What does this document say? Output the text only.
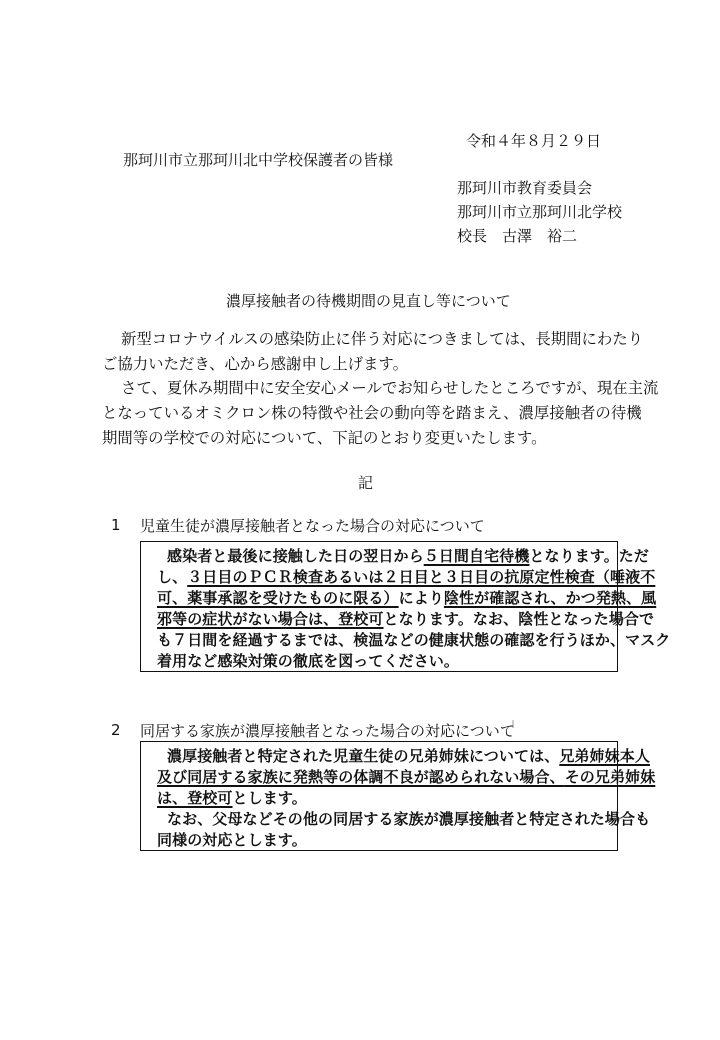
令和４年８月２９日
那珂川市立那珂川北中学校保護者の皆様
那珂川市教育委員会
那珂川市立那珂川北学校
校長　古澤　裕二
濃厚接触者の待機期間の見直し等について
新型コロナウイルスの感染防止に伴う対応につきましては、長期間にわたり
ご協力いただき、心から感謝申し上げます。
さて、夏休み期間中に安全安心メールでお知らせしたところですが、現在主流
となっているオミクロン株の特徴や社会の動向等を踏まえ、濃厚接触者の待機
期間等の学校での対応について、下記のとおり変更いたします。
記
1 児童生徒が濃厚接触者となった場合の対応について
感染者と最後に接触した日の翌日から５日間自宅待機となります。ただ
し、３日目のＰＣＲ検査あるいは２日目と３日目の抗原定性検査（唾液不
可、薬事承認を受けたものに限る）により陰性が確認され、かつ発熱、風
邪等の症状がない場合は、登校可となります。なお、陰性となった場合で
も７日間を経過するまでは、検温などの健康状態の確認を行うほか、マスク
着用など感染対策の徹底を図ってください。
2 同居する家族が濃厚接触者となった場合の対応について
濃厚接触者と特定された児童生徒の兄弟姉妹については、兄弟姉妹本人
及び同居する家族に発熱等の体調不良が認められない場合、その兄弟姉妹
は、登校可とします。
なお、父母などその他の同居する家族が濃厚接触者と特定された場合も
同様の対応とします。
